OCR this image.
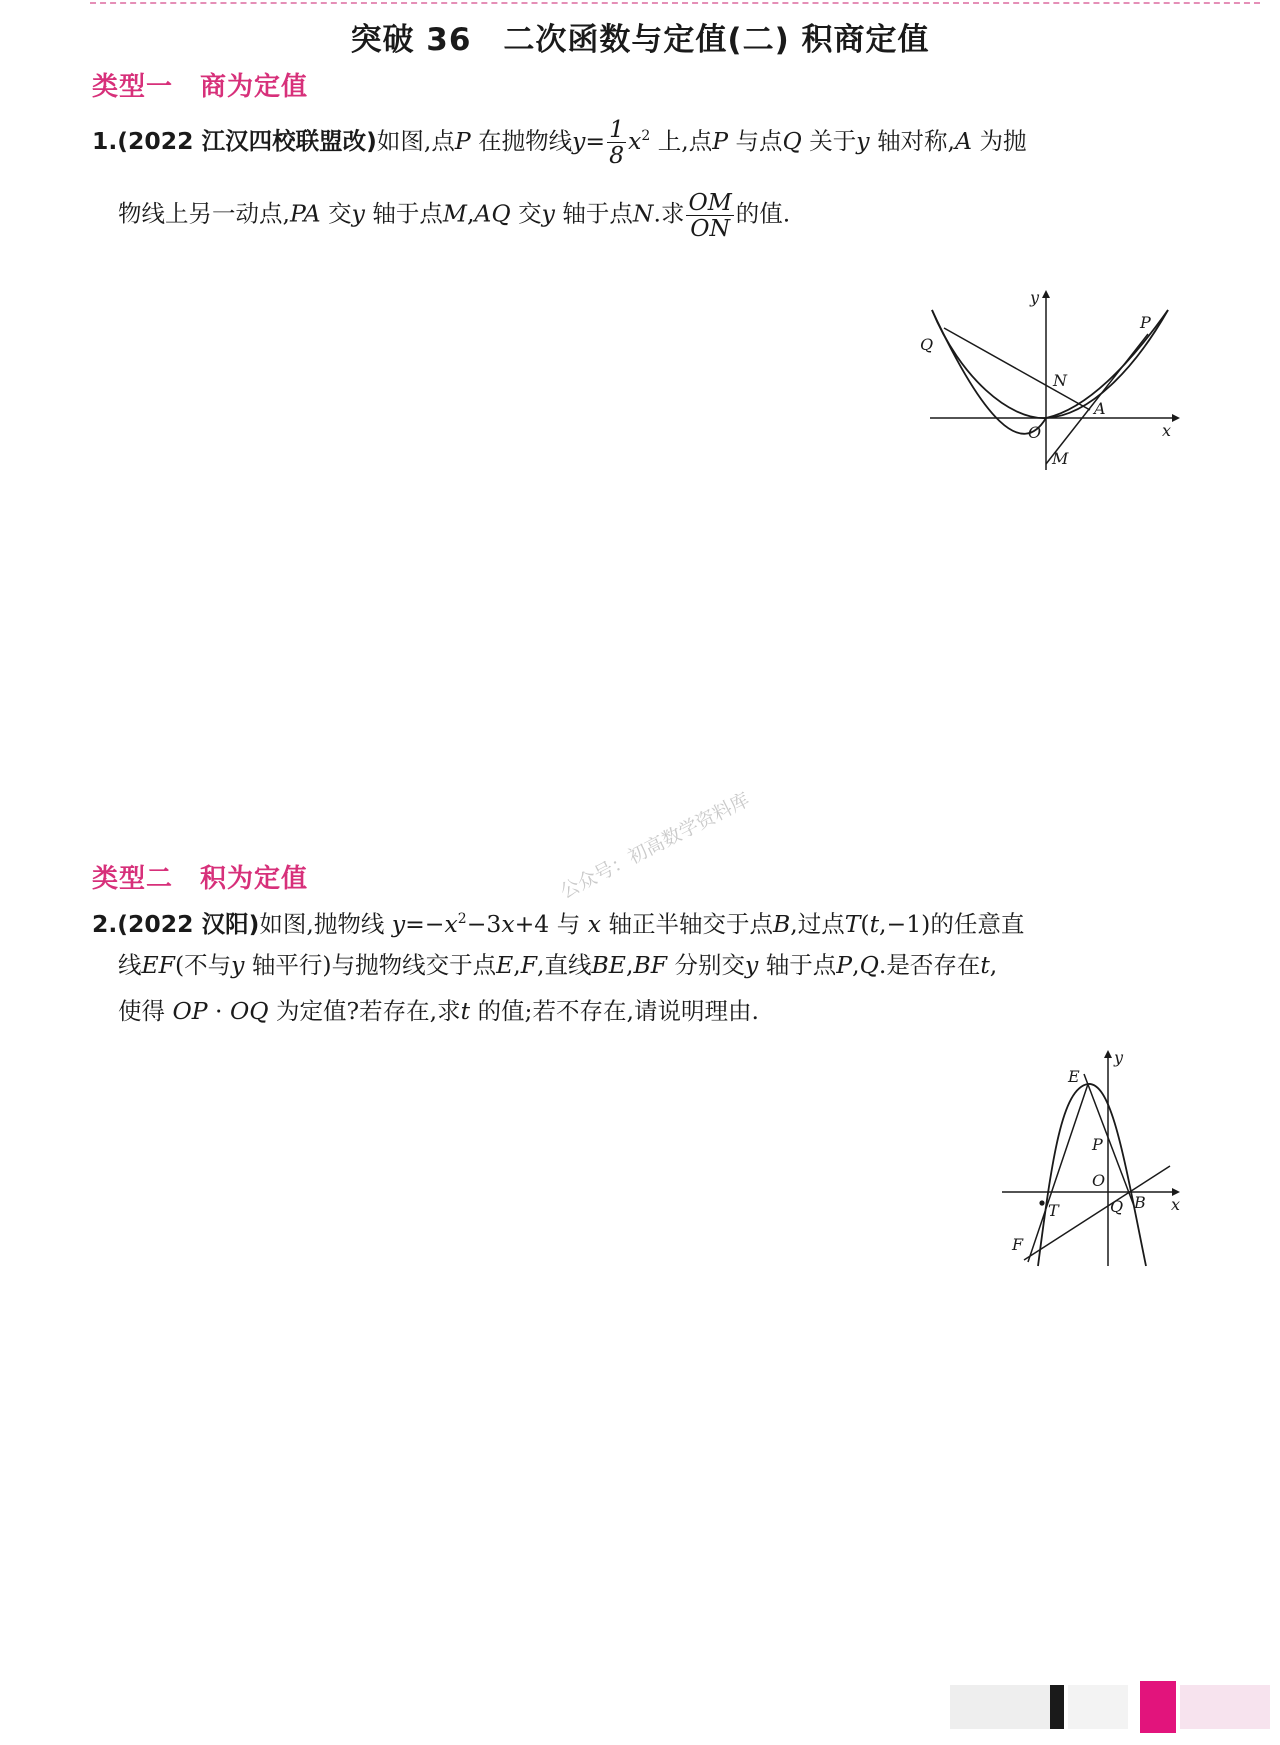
突破 36　二次函数与定值(二) 积商定值
类型一　商为定值
1.(2022 江汉四校联盟改)如图,点P 在抛物线$y= \frac{1}{8} x^2$ 上,点P 与点Q 关于y 轴对称,A 为抛
物线上另一动点,PA 交y 轴于点M,AQ 交y 轴于点N.求 $\frac{OM}{ON}$ 的值.
y
x
O
P
Q
N
A
M
公众号：初高数学资料库
类型二　积为定值
2.(2022 汉阳)如图,抛物线 $y=-x^2-3x+4$ 与 x 轴正半轴交于点B,过点T(t,−1)的任意直
线EF(不与y 轴平行)与抛物线交于点E,F,直线BE,BF 分别交y 轴于点P,Q.是否存在t,
使得 OP · OQ 为定值?若存在,求t 的值;若不存在,请说明理由.
y
x
O
E
P
T
F
Q B
